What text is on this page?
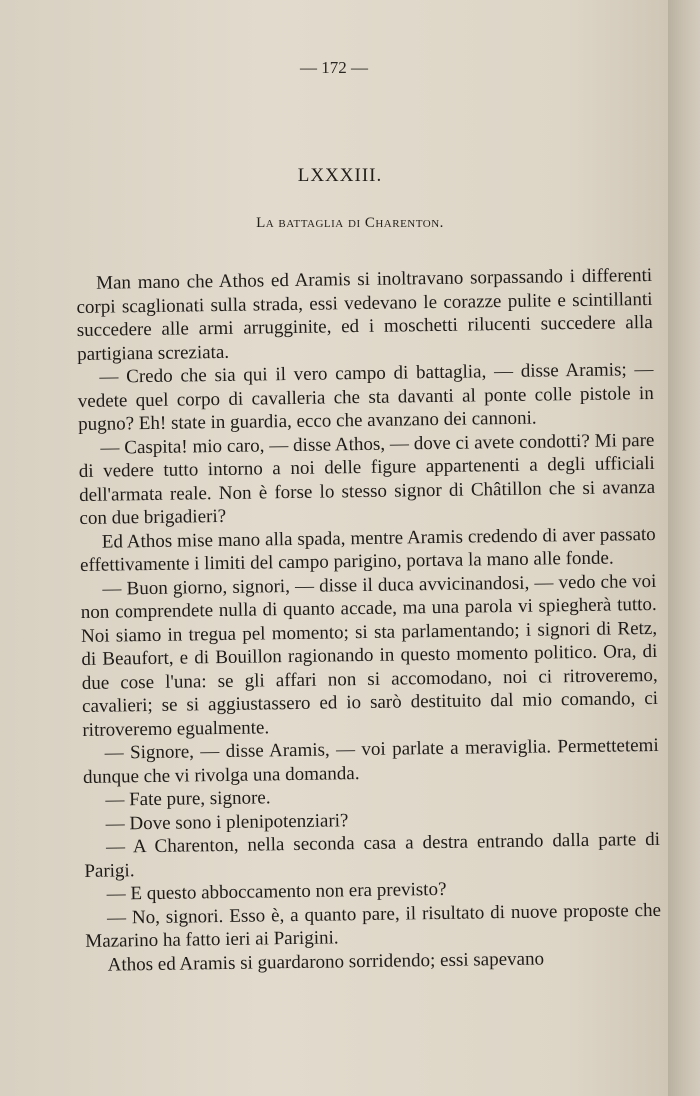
— 172 —
LXXXIII.
La battaglia di Charenton.

Man mano che Athos ed Aramis si inoltravano sorpassando i differenti corpi scaglionati sulla strada, essi vedevano le corazze pulite e scintillanti succedere alle armi arrugginite, ed i moschetti rilucenti succedere alla partigiana screziata.

— Credo che sia qui il vero campo di battaglia, — disse Aramis; — vedete quel corpo di cavalleria che sta davanti al ponte colle pistole in pugno? Eh! state in guardia, ecco che avanzano dei cannoni.

— Caspita! mio caro, — disse Athos, — dove ci avete condotti? Mi pare di vedere tutto intorno a noi delle figure appartenenti a degli ufficiali dell'armata reale. Non è forse lo stesso signor di Châtillon che si avanza con due brigadieri?

Ed Athos mise mano alla spada, mentre Aramis credendo di aver passato effettivamente i limiti del campo parigino, portava la mano alle fonde.

— Buon giorno, signori, — disse il duca avvicinandosi, — vedo che voi non comprendete nulla di quanto accade, ma una parola vi spiegherà tutto. Noi siamo in tregua pel momento; si sta parlamentando; i signori di Retz, di Beaufort, e di Bouillon ragionando in questo momento politico. Ora, di due cose l'una: se gli affari non si accomodano, noi ci ritroveremo, cavalieri; se si aggiustassero ed io sarò destituito dal mio comando, ci ritroveremo egualmente.

— Signore, — disse Aramis, — voi parlate a meraviglia. Permettetemi dunque che vi rivolga una domanda.

— Fate pure, signore.

— Dove sono i plenipotenziari?

— A Charenton, nella seconda casa a destra entrando dalla parte di Parigi.

— E questo abboccamento non era previsto?

— No, signori. Esso è, a quanto pare, il risultato di nuove proposte che Mazarino ha fatto ieri ai Parigini.

Athos ed Aramis si guardarono sorridendo; essi sapevano
